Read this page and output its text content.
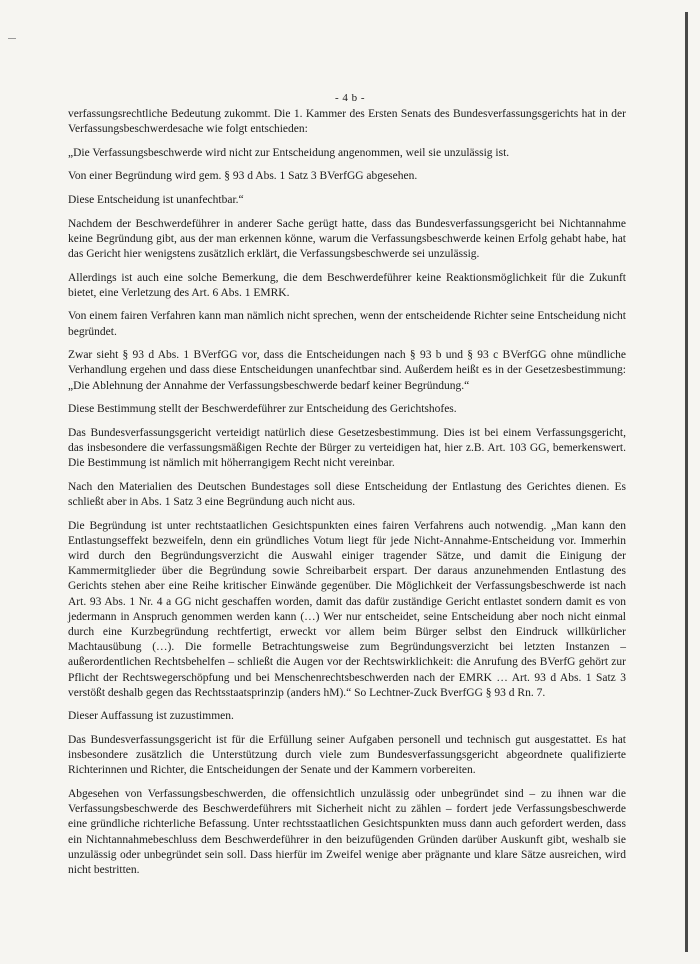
- 4 b -

verfassungsrechtliche Bedeutung zukommt. Die 1. Kammer des Ersten Senats des Bundesverfassungsgerichts hat in der Verfassungsbeschwerdesache wie folgt entschieden:

„Die Verfassungsbeschwerde wird nicht zur Entscheidung angenommen, weil sie unzulässig ist.

Von einer Begründung wird gem. § 93 d Abs. 1 Satz 3 BVerfGG abgesehen.

Diese Entscheidung ist unanfechtbar.“

Nachdem der Beschwerdeführer in anderer Sache gerügt hatte, dass das Bundesverfassungsgericht bei Nichtannahme keine Begründung gibt, aus der man erkennen könne, warum die Verfassungsbeschwerde keinen Erfolg gehabt habe, hat das Gericht hier wenigstens zusätzlich erklärt, die Verfassungsbeschwerde sei unzulässig.

Allerdings ist auch eine solche Bemerkung, die dem Beschwerdeführer keine Reaktionsmöglichkeit für die Zukunft bietet, eine Verletzung des Art. 6 Abs. 1 EMRK.

Von einem fairen Verfahren kann man nämlich nicht sprechen, wenn der entscheidende Richter seine Entscheidung nicht begründet.

Zwar sieht § 93 d Abs. 1 BVerfGG vor, dass die Entscheidungen nach § 93 b und § 93 c BVerfGG ohne mündliche Verhandlung ergehen und dass diese Entscheidungen unanfechtbar sind. Außerdem heißt es in der Gesetzesbestimmung: „Die Ablehnung der Annahme der Verfassungsbeschwerde bedarf keiner Begründung.“

Diese Bestimmung stellt der Beschwerdeführer zur Entscheidung des Gerichtshofes.

Das Bundesverfassungsgericht verteidigt natürlich diese Gesetzesbestimmung. Dies ist bei einem Verfassungsgericht, das insbesondere die verfassungsmäßigen Rechte der Bürger zu verteidigen hat, hier z.B. Art. 103 GG, bemerkenswert. Die Bestimmung ist nämlich mit höherrangigem Recht nicht vereinbar.

Nach den Materialien des Deutschen Bundestages soll diese Entscheidung der Entlastung des Gerichtes dienen. Es schließt aber in Abs. 1 Satz 3 eine Begründung auch nicht aus.

Die Begründung ist unter rechtstaatlichen Gesichtspunkten eines fairen Verfahrens auch notwendig. „Man kann den Entlastungseffekt bezweifeln, denn ein gründliches Votum liegt für jede Nicht-Annahme-Entscheidung vor. Immerhin wird durch den Begründungsverzicht die Auswahl einiger tragender Sätze, und damit die Einigung der Kammermitglieder über die Begründung sowie Schreibarbeit erspart. Der daraus anzunehmenden Entlastung des Gerichts stehen aber eine Reihe kritischer Einwände gegenüber. Die Möglichkeit der Verfassungsbeschwerde ist nach Art. 93 Abs. 1 Nr. 4 a GG nicht geschaffen worden, damit das dafür zuständige Gericht entlastet sondern damit es von jedermann in Anspruch genommen werden kann (…) Wer nur entscheidet, seine Entscheidung aber noch nicht einmal durch eine Kurzbegründung rechtfertigt, erweckt vor allem beim Bürger selbst den Eindruck willkürlicher Machtausübung (…). Die formelle Betrachtungsweise zum Begründungsverzicht bei letzten Instanzen – außerordentlichen Rechtsbehelfen – schließt die Augen vor der Rechtswirklichkeit: die Anrufung des BVerfG gehört zur Pflicht der Rechtswegerschöpfung und bei Menschenrechtsbeschwerden nach der EMRK … Art. 93 d Abs. 1 Satz 3 verstößt deshalb gegen das Rechtsstaatsprinzip (anders hM).“ So Lechtner-Zuck BverfGG § 93 d Rn. 7.

Dieser Auffassung ist zuzustimmen.

Das Bundesverfassungsgericht ist für die Erfüllung seiner Aufgaben personell und technisch gut ausgestattet. Es hat insbesondere zusätzlich die Unterstützung durch viele zum Bundesverfassungsgericht abgeordnete qualifizierte Richterinnen und Richter, die Entscheidungen der Senate und der Kammern vorbereiten.

Abgesehen von Verfassungsbeschwerden, die offensichtlich unzulässig oder unbegründet sind – zu ihnen war die Verfassungsbeschwerde des Beschwerdeführers mit Sicherheit nicht zu zählen – fordert jede Verfassungsbeschwerde eine gründliche richterliche Befassung. Unter rechtsstaatlichen Gesichtspunkten muss dann auch gefordert werden, dass ein Nichtannahmebeschluss dem Beschwerdeführer in den beizufügenden Gründen darüber Auskunft gibt, weshalb sie unzulässig oder unbegründet sein soll. Dass hierfür im Zweifel wenige aber prägnante und klare Sätze ausreichen, wird nicht bestritten.
